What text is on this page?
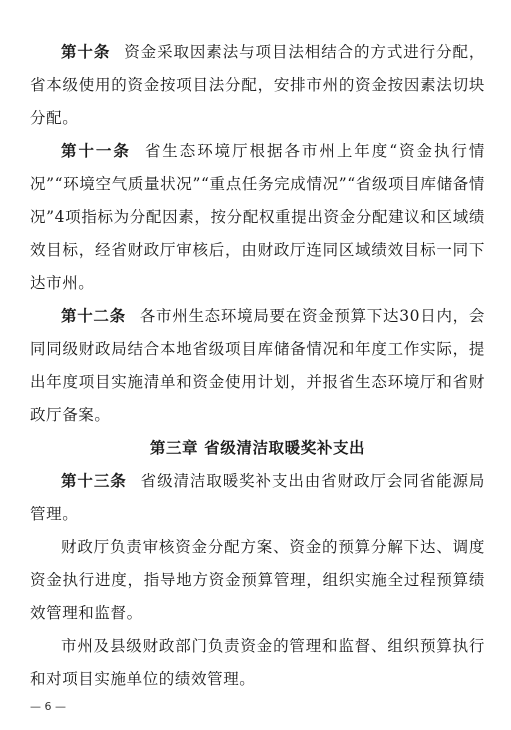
第十条 资金采取因素法与项目法相结合的方式进行分配，省本级使用的资金按项目法分配，安排市州的资金按因素法切块分配。

第十一条 省生态环境厅根据各市州上年度“资金执行情况”“环境空气质量状况”“重点任务完成情况”“省级项目库储备情况”4项指标为分配因素，按分配权重提出资金分配建议和区域绩效目标，经省财政厅审核后，由财政厅连同区域绩效目标一同下达市州。

第十二条 各市州生态环境局要在资金预算下达30日内，会同同级财政局结合本地省级项目库储备情况和年度工作实际，提出年度项目实施清单和资金使用计划，并报省生态环境厅和省财政厅备案。

第三章 省级清洁取暖奖补支出

第十三条 省级清洁取暖奖补支出由省财政厅会同省能源局管理。

财政厅负责审核资金分配方案、资金的预算分解下达、调度资金执行进度，指导地方资金预算管理，组织实施全过程预算绩效管理和监督。

市州及县级财政部门负责资金的管理和监督、组织预算执行和对项目实施单位的绩效管理。

— 6 —
